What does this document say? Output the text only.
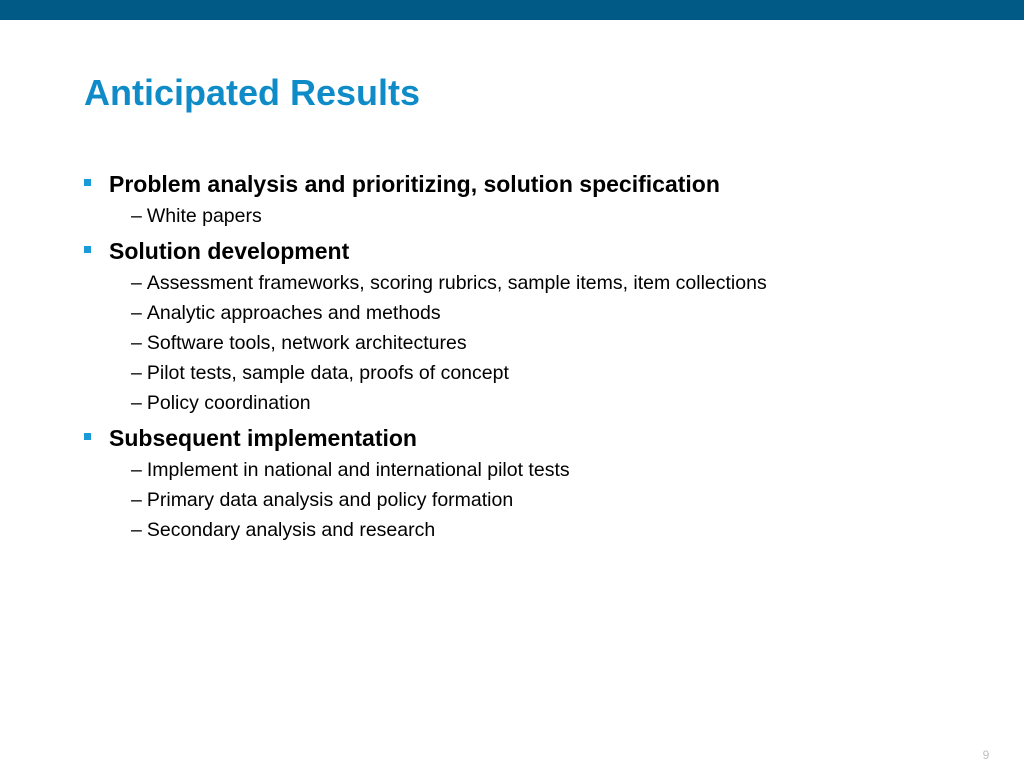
Anticipated Results
Problem analysis and prioritizing, solution specification
– White papers
Solution development
– Assessment frameworks, scoring rubrics, sample items, item collections
– Analytic approaches and methods
– Software tools, network architectures
– Pilot tests, sample data, proofs of concept
– Policy coordination
Subsequent implementation
– Implement in national and international pilot tests
– Primary data analysis and policy formation
– Secondary analysis and research
9
